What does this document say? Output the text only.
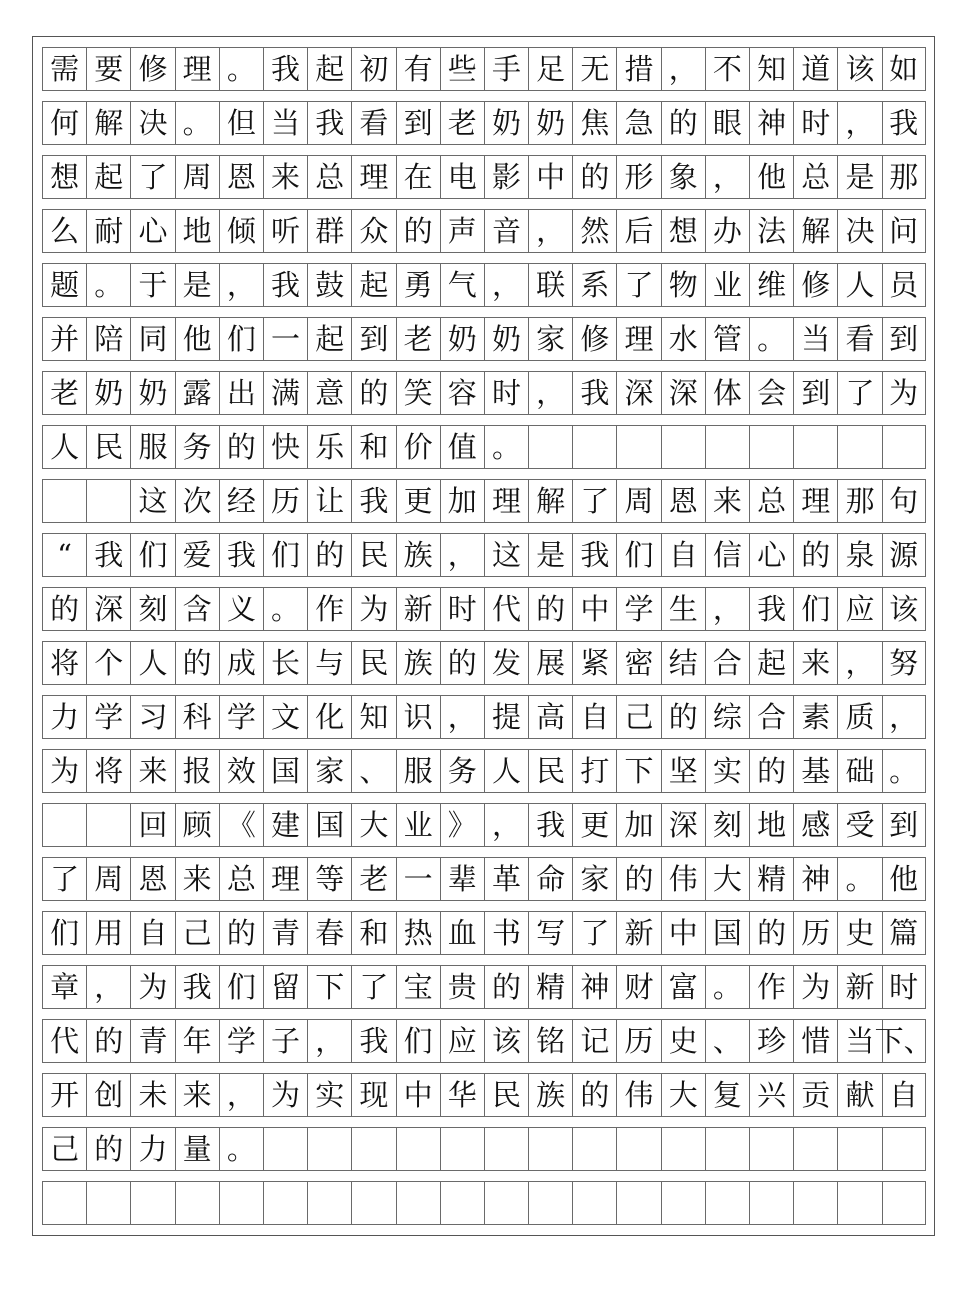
需 要 修 理 。 我 起 初 有 些 手 足 无 措 ， 不 知 道 该 如
何 解 决 。 但 当 我 看 到 老 奶 奶 焦 急 的 眼 神 时 ， 我
想 起 了 周 恩 来 总 理 在 电 影 中 的 形 象 ， 他 总 是 那
么 耐 心 地 倾 听 群 众 的 声 音 ， 然 后 想 办 法 解 决 问
题 。 于 是 ， 我 鼓 起 勇 气 ， 联 系 了 物 业 维 修 人 员
并 陪 同 他 们 一 起 到 老 奶 奶 家 修 理 水 管 。 当 看 到
老 奶 奶 露 出 满 意 的 笑 容 时 ， 我 深 深 体 会 到 了 为
人 民 服 务 的 快 乐 和 价 值 。
这 次 经 历 让 我 更 加 理 解 了 周 恩 来 总 理 那 句
“ 我 们 爱 我 们 的 民 族 ， 这 是 我 们 自 信 心 的 泉 源
的 深 刻 含 义 。 作 为 新 时 代 的 中 学 生 ， 我 们 应 该
将 个 人 的 成 长 与 民 族 的 发 展 紧 密 结 合 起 来 ， 努
力 学 习 科 学 文 化 知 识 ， 提 高 自 己 的 综 合 素 质 ，
为 将 来 报 效 国 家 、 服 务 人 民 打 下 坚 实 的 基 础 。
回 顾 《 建 国 大 业 》 ， 我 更 加 深 刻 地 感 受 到
了 周 恩 来 总 理 等 老 一 辈 革 命 家 的 伟 大 精 神 。 他
们 用 自 己 的 青 春 和 热 血 书 写 了 新 中 国 的 历 史 篇
章 ， 为 我 们 留 下 了 宝 贵 的 精 神 财 富 。 作 为 新 时
代 的 青 年 学 子 ， 我 们 应 该 铭 记 历 史 、 珍 惜 当 下、
开 创 未 来 ， 为 实 现 中 华 民 族 的 伟 大 复 兴 贡 献 自
己 的 力 量 。
